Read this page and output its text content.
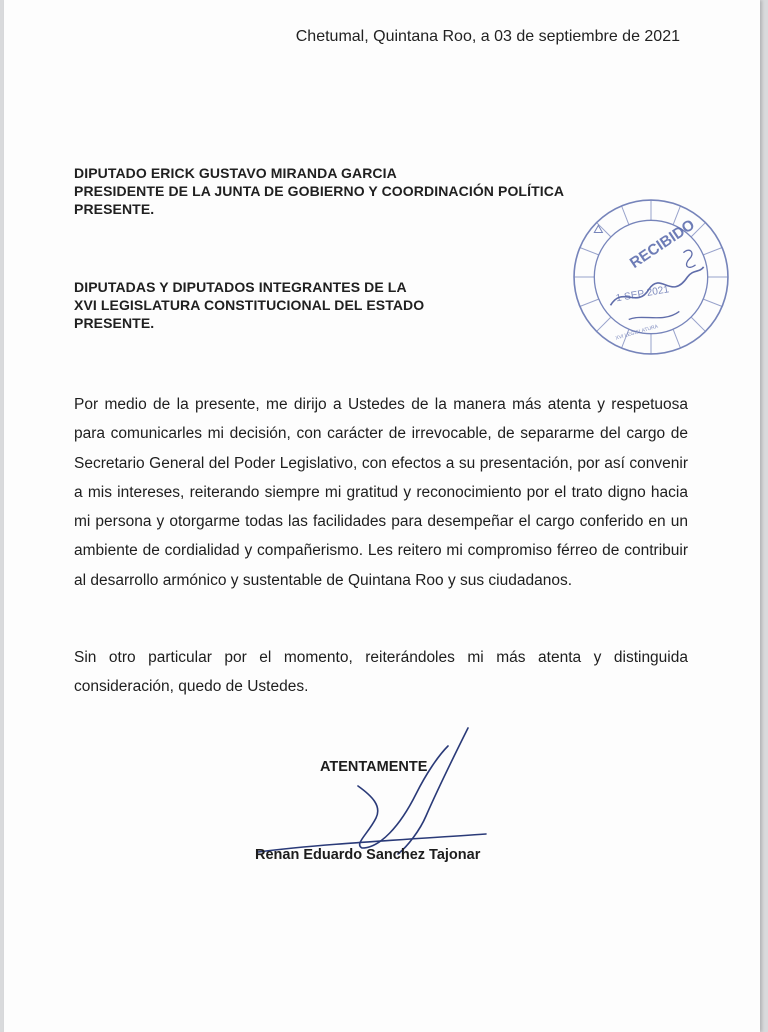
Chetumal, Quintana Roo, a 03 de septiembre de 2021
DIPUTADO ERICK GUSTAVO MIRANDA GARCIA
PRESIDENTE DE LA JUNTA DE GOBIERNO Y COORDINACIÓN POLÍTICA
PRESENTE.
DIPUTADAS Y DIPUTADOS INTEGRANTES DE LA
XVI LEGISLATURA CONSTITUCIONAL DEL ESTADO
PRESENTE.
RECIBIDO
1 SEP 2021
XVI LEGISLATURA

Por medio de la presente, me dirijo a Ustedes de la manera más atenta y respetuosa para comunicarles mi decisión, con carácter de irrevocable, de separarme del cargo de Secretario General del Poder Legislativo, con efectos a su presentación, por así convenir a mis intereses, reiterando siempre mi gratitud y reconocimiento por el trato digno hacia mi persona y otorgarme todas las facilidades para desempeñar el cargo conferido en un ambiente de cordialidad y compañerismo. Les reitero mi compromiso férreo de contribuir al desarrollo armónico y sustentable de Quintana Roo y sus ciudadanos.

Sin otro particular por el momento, reiterándoles mi más atenta y distinguida consideración, quedo de Ustedes.

ATENTAMENTE
Renan Eduardo Sanchez Tajonar
